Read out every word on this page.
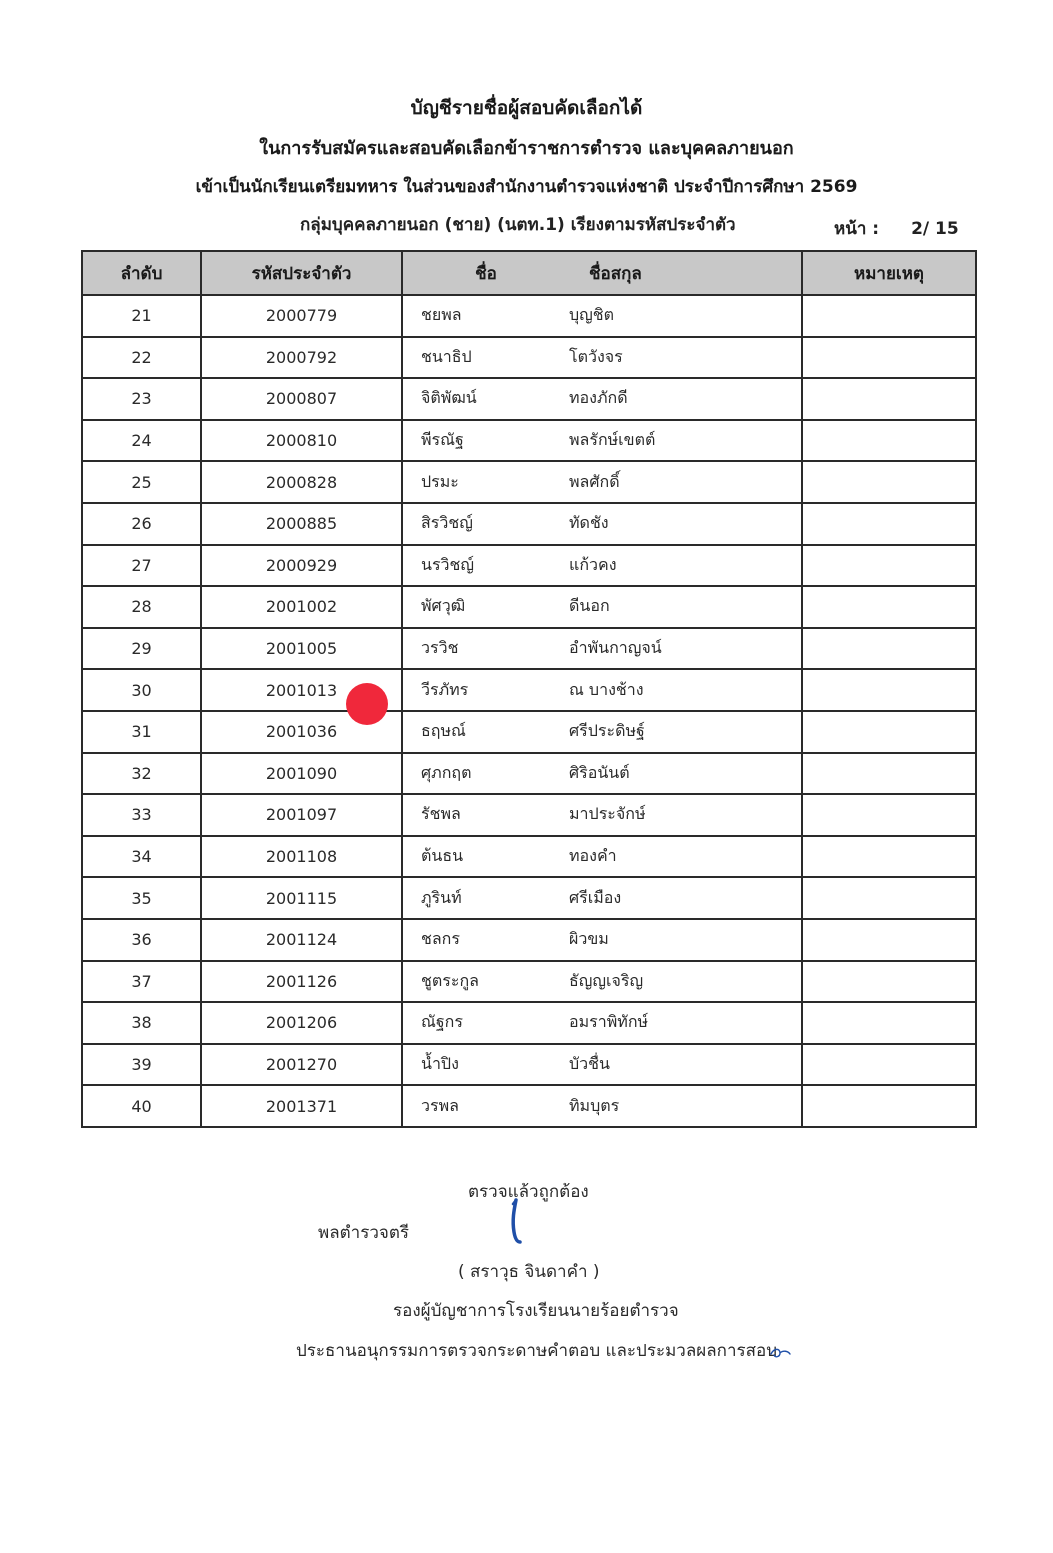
บัญชีรายชื่อผู้สอบคัดเลือกได้
ในการรับสมัครและสอบคัดเลือกข้าราชการตำรวจ และบุคคลภายนอก
เข้าเป็นนักเรียนเตรียมทหาร ในส่วนของสำนักงานตำรวจแห่งชาติ ประจำปีการศึกษา 2569
กลุ่มบุคคลภายนอก (ชาย) (นตท.1) เรียงตามรหัสประจำตัว	หน้า : 2/ 15
ลำดับ	รหัสประจำตัว	ชื่อ	ชื่อสกุล	หมายเหตุ
21	2000779	ชยพล	บุญชิต	
22	2000792	ชนาธิป	โตวังจร	
23	2000807	จิติพัฒน์	ทองภักดี	
24	2000810	พีรณัฐ	พลรักษ์เขตต์	
25	2000828	ปรมะ	พลศักดิ์	
26	2000885	สิรวิชญ์	ทัดชัง	
27	2000929	นรวิชญ์	แก้วคง	
28	2001002	พัศวุฒิ	ดีนอก	
29	2001005	วรวิช	อำพันกาญจน์	
30	2001013	วีรภัทร	ณ บางช้าง	
31	2001036	ธฤษณ์	ศรีประดิษฐ์	
32	2001090	ศุภกฤต	ศิริอนันต์	
33	2001097	รัชพล	มาประจักษ์	
34	2001108	ต้นธน	ทองคำ	
35	2001115	ภูรินท์	ศรีเมือง	
36	2001124	ชลกร	ผิวขม	
37	2001126	ชูตระกูล	ธัญญเจริญ	
38	2001206	ณัฐกร	อมราพิทักษ์	
39	2001270	น้ำปิง	บัวชื่น	
40	2001371	วรพล	ทิมบุตร	
ตรวจแล้วถูกต้อง
พลตำรวจตรี
( สราวุธ จินดาคำ )
รองผู้บัญชาการโรงเรียนนายร้อยตำรวจ
ประธานอนุกรรมการตรวจกระดาษคำตอบ และประมวลผลการสอบ
